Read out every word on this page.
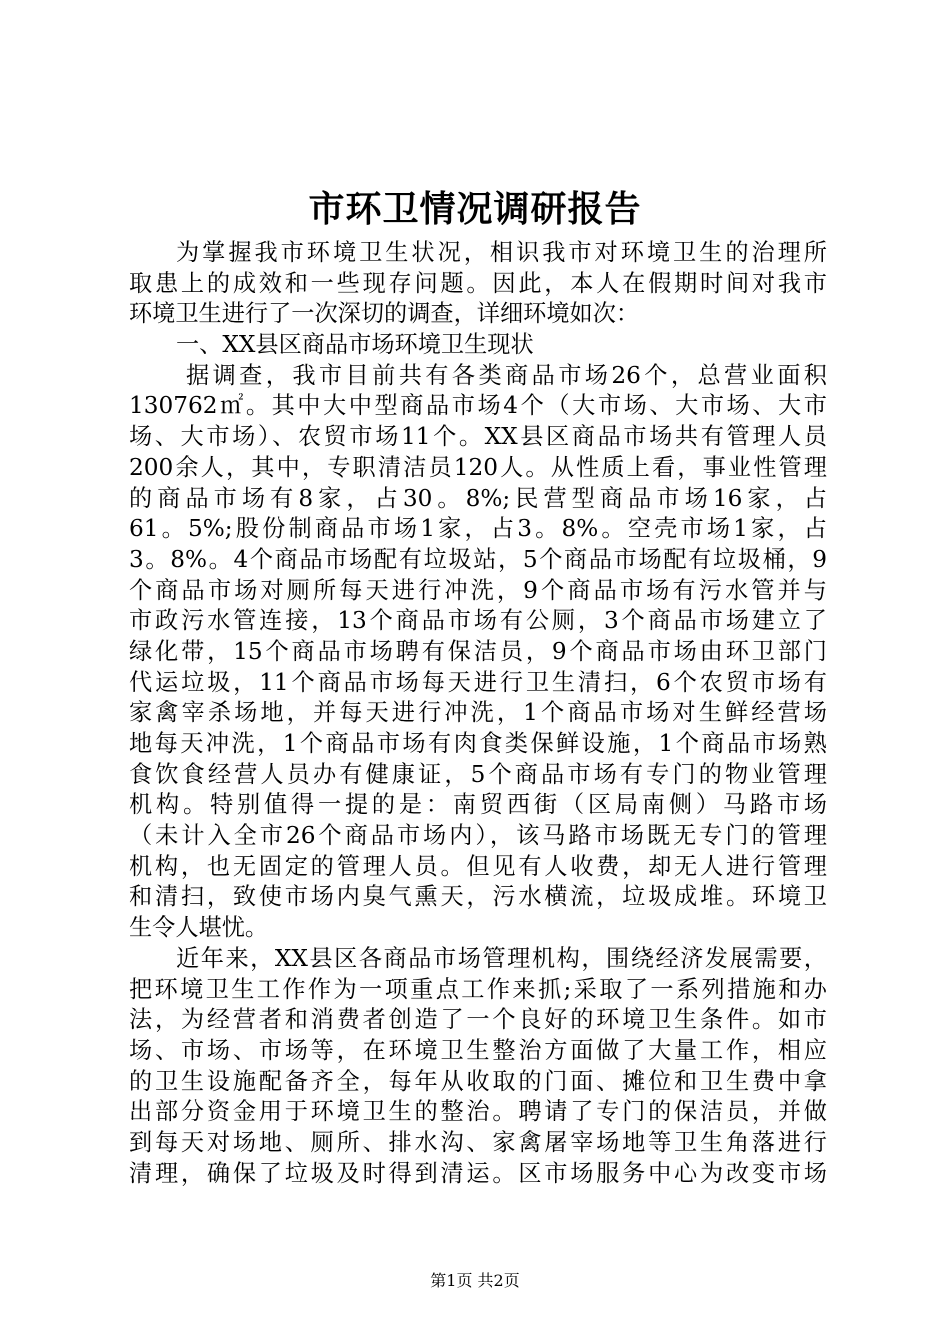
市环卫情况调研报告
为掌握我市环境卫生状况，相识我市对环境卫生的治理所
取患上的成效和一些现存问题。因此，本人在假期时间对我市
环境卫生进行了一次深切的调查，详细环境如次：
一、XX县区商品市场环境卫生现状
据调查，我市目前共有各类商品市场26个，总营业面积
130762㎡。其中大中型商品市场4个（大市场、大市场、大市
场、大市场）、农贸市场11个。XX县区商品市场共有管理人员
200余人，其中，专职清洁员120人。从性质上看，事业性管理
的商品市场有8家，占30。8%;民营型商品市场16家，占
61。5%;股份制商品市场1家，占3。8%。空壳市场1家，占
3。8%。4个商品市场配有垃圾站，5个商品市场配有垃圾桶，9
个商品市场对厕所每天进行冲洗，9个商品市场有污水管并与
市政污水管连接，13个商品市场有公厕，3个商品市场建立了
绿化带，15个商品市场聘有保洁员，9个商品市场由环卫部门
代运垃圾，11个商品市场每天进行卫生清扫，6个农贸市场有
家禽宰杀场地，并每天进行冲洗，1个商品市场对生鲜经营场
地每天冲洗，1个商品市场有肉食类保鲜设施，1个商品市场熟
食饮食经营人员办有健康证，5个商品市场有专门的物业管理
机构。特别值得一提的是：南贸西街（区局南侧）马路市场
（未计入全市26个商品市场内），该马路市场既无专门的管理
机构，也无固定的管理人员。但见有人收费，却无人进行管理
和清扫，致使市场内臭气熏天，污水横流，垃圾成堆。环境卫
生令人堪忧。
近年来，XX县区各商品市场管理机构，围绕经济发展需要，
把环境卫生工作作为一项重点工作来抓;采取了一系列措施和办
法，为经营者和消费者创造了一个良好的环境卫生条件。如市
场、市场、市场等，在环境卫生整治方面做了大量工作，相应
的卫生设施配备齐全，每年从收取的门面、摊位和卫生费中拿
出部分资金用于环境卫生的整治。聘请了专门的保洁员，并做
到每天对场地、厕所、排水沟、家禽屠宰场地等卫生角落进行
清理，确保了垃圾及时得到清运。区市场服务中心为改变市场
第1页 共2页
